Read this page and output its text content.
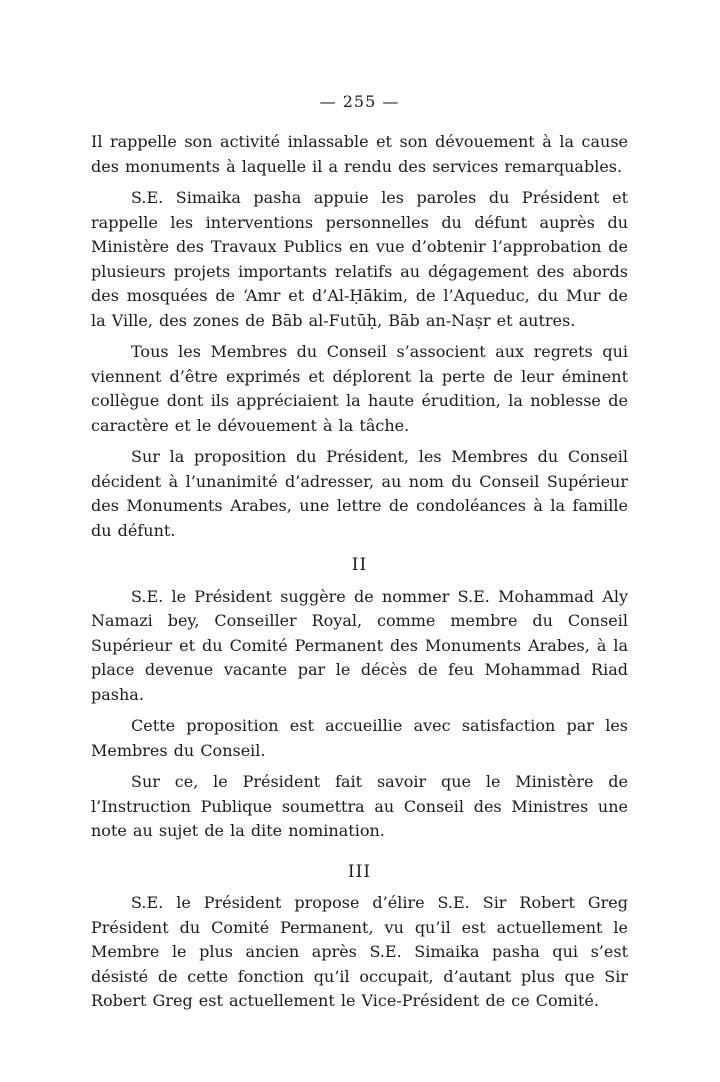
— 255 —

Il rappelle son activité inlassable et son dévouement à la cause des monuments à laquelle il a rendu des services remarquables.

S.E. Simaika pasha appuie les paroles du Président et rappelle les interventions personnelles du défunt auprès du Ministère des Travaux Publics en vue d’obtenir l’approbation de plusieurs projets importants relatifs au dégagement des abords des mosquées de ‘Amr et d’Al-Ḥākim, de l’Aqueduc, du Mur de la Ville, des zones de Bāb al-Futūḥ, Bāb an-Naṣr et autres.

Tous les Membres du Conseil s’associent aux regrets qui viennent d’être exprimés et déplorent la perte de leur éminent collègue dont ils appréciaient la haute érudition, la noblesse de caractère et le dévouement à la tâche.

Sur la proposition du Président, les Membres du Conseil décident à l’unanimité d’adresser, au nom du Conseil Supérieur des Monuments Arabes, une lettre de condoléances à la famille du défunt.

II

S.E. le Président suggère de nommer S.E. Mohammad Aly Namazi bey, Conseiller Royal, comme membre du Conseil Supérieur et du Comité Permanent des Monuments Arabes, à la place devenue vacante par le décès de feu Mohammad Riad pasha.

Cette proposition est accueillie avec satisfaction par les Membres du Conseil.

Sur ce, le Président fait savoir que le Ministère de l’Instruction Publique soumettra au Conseil des Ministres une note au sujet de la dite nomination.

III

S.E. le Président propose d’élire S.E. Sir Robert Greg Président du Comité Permanent, vu qu’il est actuellement le Membre le plus ancien après S.E. Simaika pasha qui s’est désisté de cette fonction qu’il occupait, d’autant plus que Sir Robert Greg est actuellement le Vice-Président de ce Comité.
